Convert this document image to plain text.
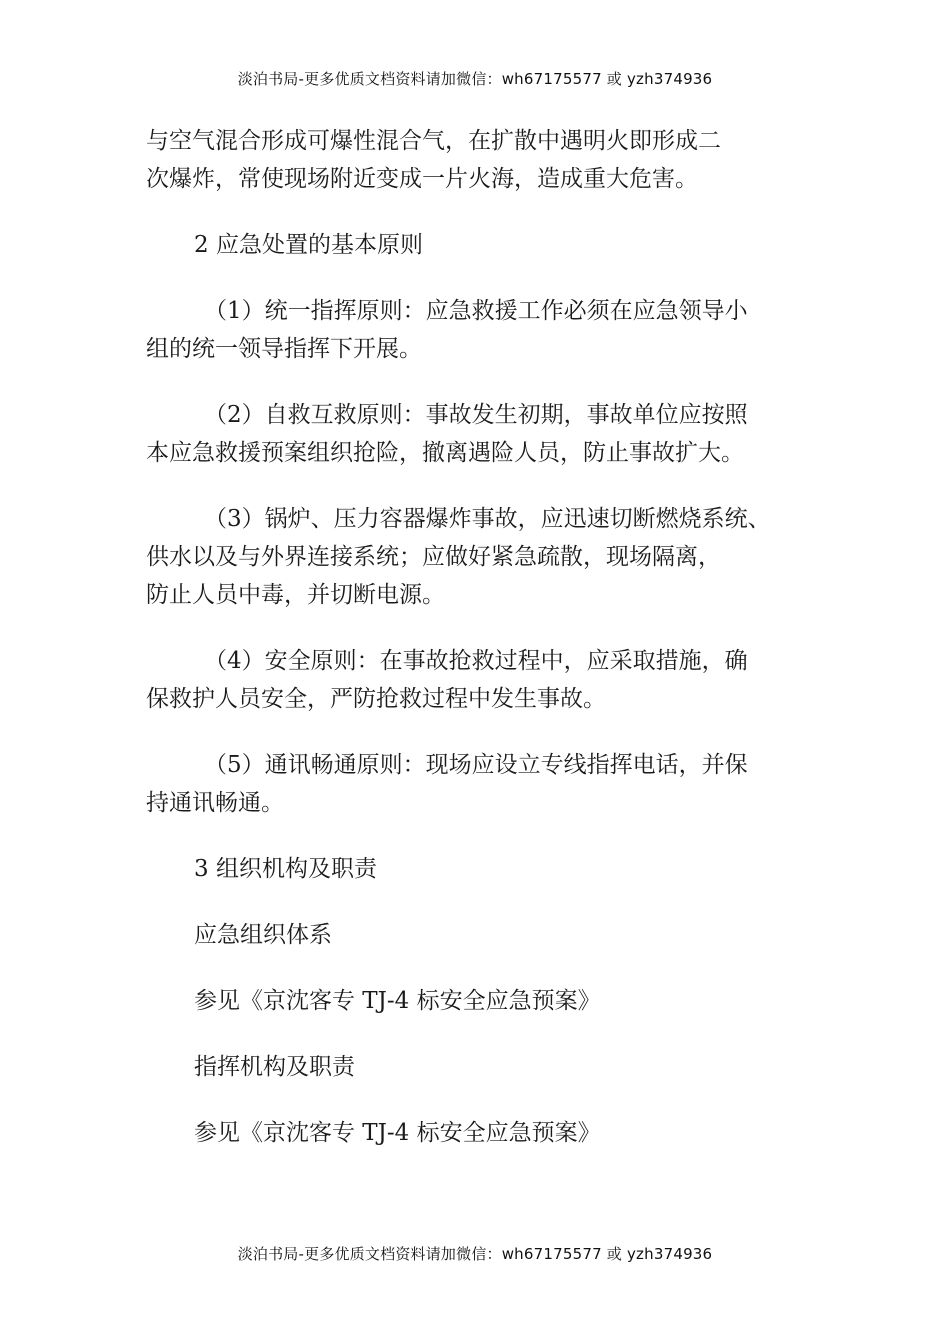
淡泊书局-更多优质文档资料请加微信：wh67175577 或 yzh374936
与空气混合形成可爆性混合气，在扩散中遇明火即形成二
次爆炸，常使现场附近变成一片火海，造成重大危害。
2 应急处置的基本原则
（1）统一指挥原则：应急救援工作必须在应急领导小
组的统一领导指挥下开展。
（2）自救互救原则：事故发生初期，事故单位应按照
本应急救援预案组织抢险，撤离遇险人员，防止事故扩大。
（3）锅炉、压力容器爆炸事故，应迅速切断燃烧系统、
供水以及与外界连接系统；应做好紧急疏散，现场隔离，
防止人员中毒，并切断电源。
（4）安全原则：在事故抢救过程中，应采取措施，确
保救护人员安全，严防抢救过程中发生事故。
（5）通讯畅通原则：现场应设立专线指挥电话，并保
持通讯畅通。
3 组织机构及职责
应急组织体系
参见《京沈客专 TJ-4 标安全应急预案》
指挥机构及职责
参见《京沈客专 TJ-4 标安全应急预案》
淡泊书局-更多优质文档资料请加微信：wh67175577 或 yzh374936
